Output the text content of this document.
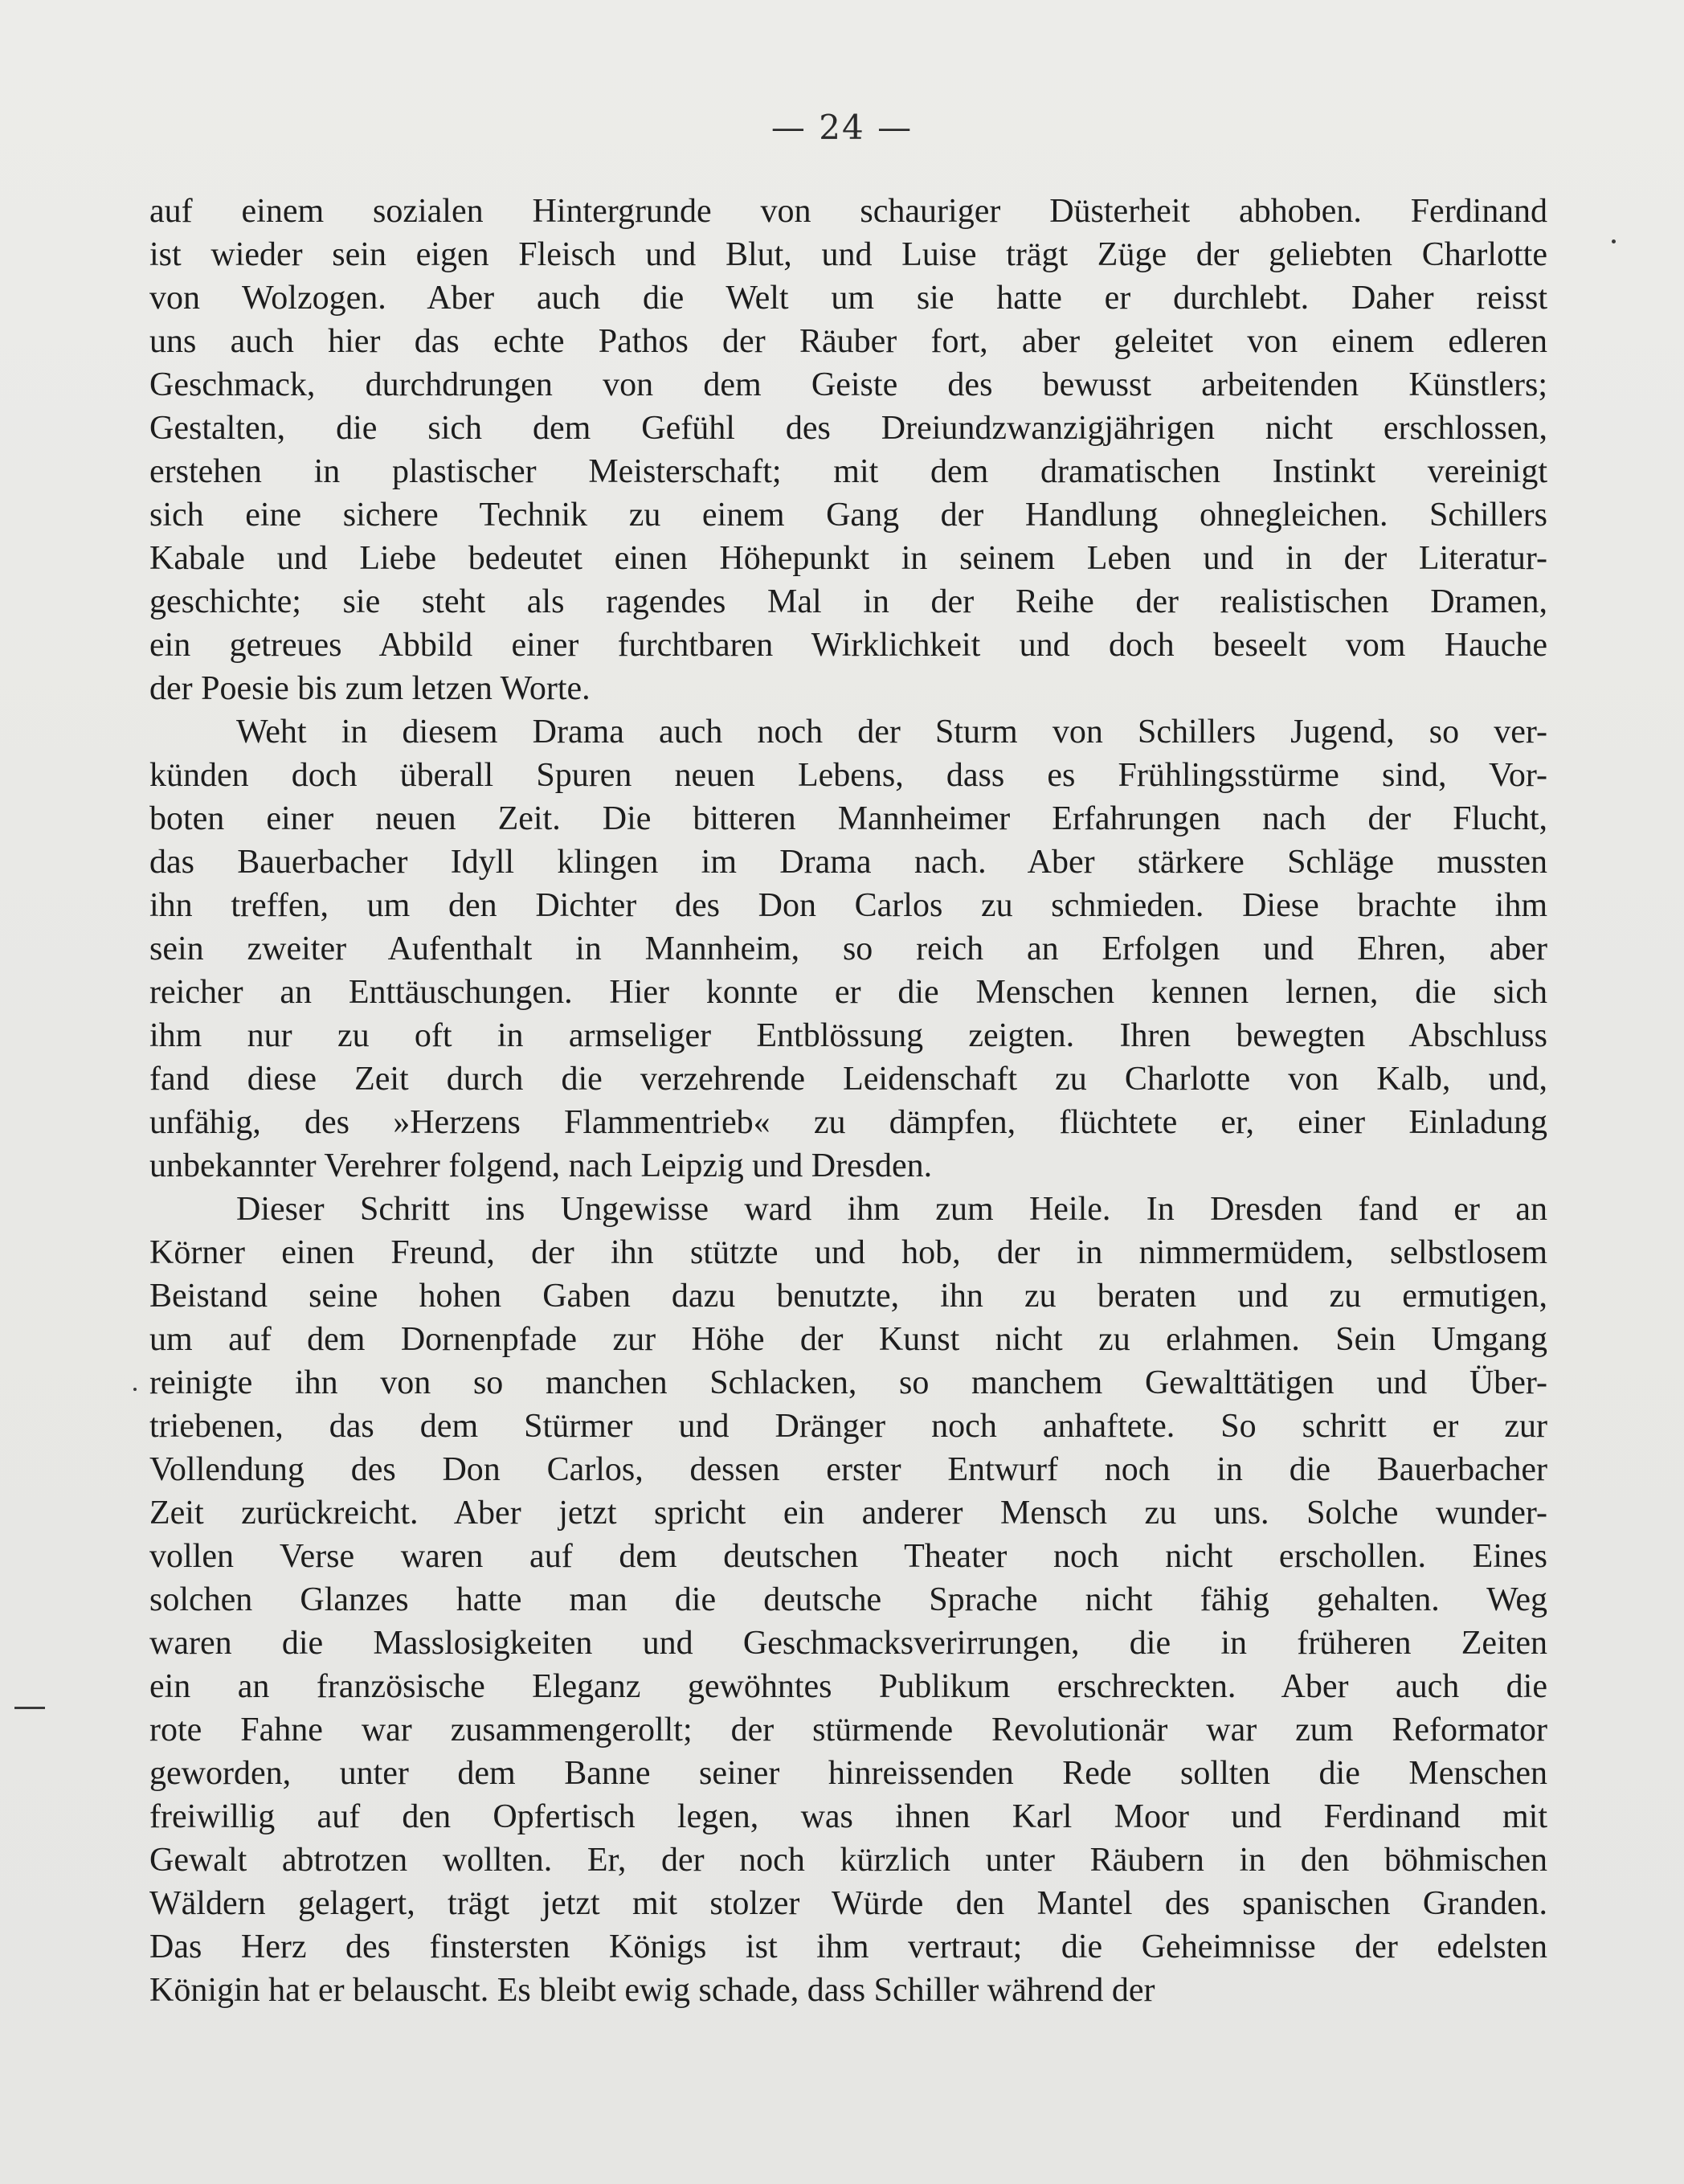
— 24 —
auf einem sozialen Hintergrunde von schauriger Düsterheit abhoben. Ferdinand
ist wieder sein eigen Fleisch und Blut, und Luise trägt Züge der geliebten Charlotte
von Wolzogen. Aber auch die Welt um sie hatte er durchlebt. Daher reisst
uns auch hier das echte Pathos der Räuber fort, aber geleitet von einem edleren
Geschmack, durchdrungen von dem Geiste des bewusst arbeitenden Künstlers;
Gestalten, die sich dem Gefühl des Dreiundzwanzigjährigen nicht erschlossen,
erstehen in plastischer Meisterschaft; mit dem dramatischen Instinkt vereinigt
sich eine sichere Technik zu einem Gang der Handlung ohnegleichen. Schillers
Kabale und Liebe bedeutet einen Höhepunkt in seinem Leben und in der Literatur-
geschichte; sie steht als ragendes Mal in der Reihe der realistischen Dramen,
ein getreues Abbild einer furchtbaren Wirklichkeit und doch beseelt vom Hauche
der Poesie bis zum letzen Worte.
Weht in diesem Drama auch noch der Sturm von Schillers Jugend, so ver-
künden doch überall Spuren neuen Lebens, dass es Frühlingsstürme sind, Vor-
boten einer neuen Zeit. Die bitteren Mannheimer Erfahrungen nach der Flucht,
das Bauerbacher Idyll klingen im Drama nach. Aber stärkere Schläge mussten
ihn treffen, um den Dichter des Don Carlos zu schmieden. Diese brachte ihm
sein zweiter Aufenthalt in Mannheim, so reich an Erfolgen und Ehren, aber
reicher an Enttäuschungen. Hier konnte er die Menschen kennen lernen, die sich
ihm nur zu oft in armseliger Entblössung zeigten. Ihren bewegten Abschluss
fand diese Zeit durch die verzehrende Leidenschaft zu Charlotte von Kalb, und,
unfähig, des »Herzens Flammentrieb« zu dämpfen, flüchtete er, einer Einladung
unbekannter Verehrer folgend, nach Leipzig und Dresden.
Dieser Schritt ins Ungewisse ward ihm zum Heile. In Dresden fand er an
Körner einen Freund, der ihn stützte und hob, der in nimmermüdem, selbstlosem
Beistand seine hohen Gaben dazu benutzte, ihn zu beraten und zu ermutigen,
um auf dem Dornenpfade zur Höhe der Kunst nicht zu erlahmen. Sein Umgang
reinigte ihn von so manchen Schlacken, so manchem Gewalttätigen und Über-
triebenen, das dem Stürmer und Dränger noch anhaftete. So schritt er zur
Vollendung des Don Carlos, dessen erster Entwurf noch in die Bauerbacher
Zeit zurückreicht. Aber jetzt spricht ein anderer Mensch zu uns. Solche wunder-
vollen Verse waren auf dem deutschen Theater noch nicht erschollen. Eines
solchen Glanzes hatte man die deutsche Sprache nicht fähig gehalten. Weg
waren die Masslosigkeiten und Geschmacksverirrungen, die in früheren Zeiten
ein an französische Eleganz gewöhntes Publikum erschreckten. Aber auch die
rote Fahne war zusammengerollt; der stürmende Revolutionär war zum Reformator
geworden, unter dem Banne seiner hinreissenden Rede sollten die Menschen
freiwillig auf den Opfertisch legen, was ihnen Karl Moor und Ferdinand mit
Gewalt abtrotzen wollten. Er, der noch kürzlich unter Räubern in den böhmischen
Wäldern gelagert, trägt jetzt mit stolzer Würde den Mantel des spanischen Granden.
Das Herz des finstersten Königs ist ihm vertraut; die Geheimnisse der edelsten
Königin hat er belauscht. Es bleibt ewig schade, dass Schiller während der
